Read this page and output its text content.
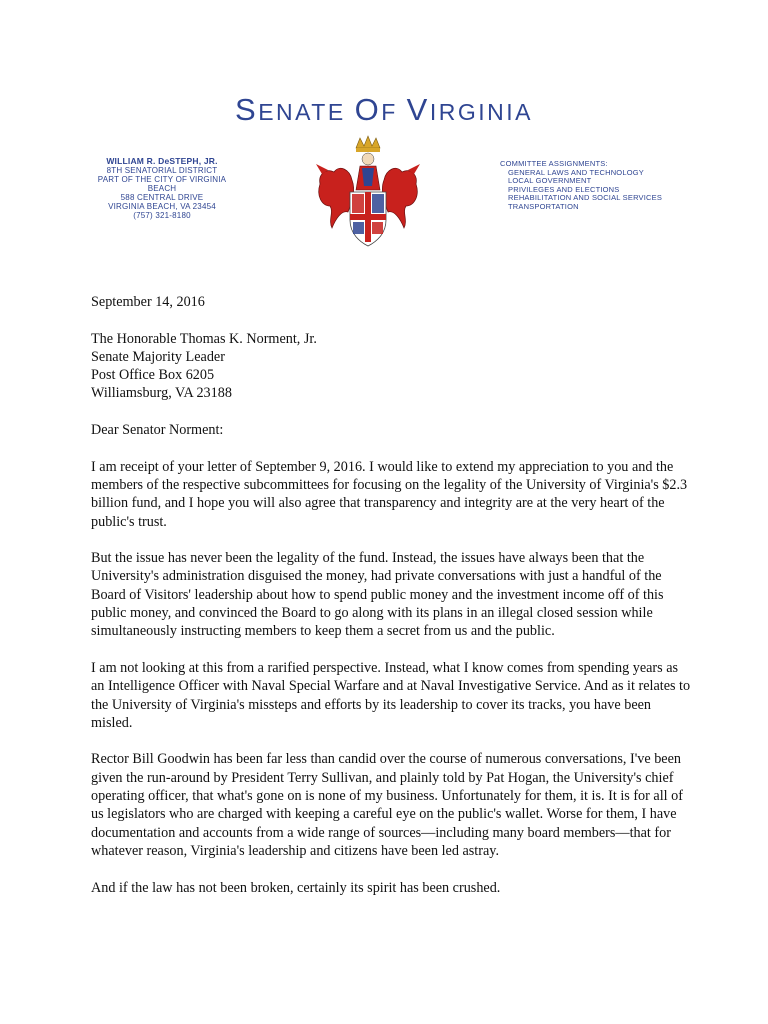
SENATE OF VIRGINIA
WILLIAM R. DeSTEPH, JR.
8TH SENATORIAL DISTRICT
PART OF THE CITY OF VIRGINIA BEACH
588 CENTRAL DRIVE
VIRGINIA BEACH, VA 23454
(757) 321-8180
COMMITTEE ASSIGNMENTS:
GENERAL LAWS AND TECHNOLOGY
LOCAL GOVERNMENT
PRIVILEGES AND ELECTIONS
REHABILITATION AND SOCIAL SERVICES
TRANSPORTATION

September 14, 2016

The Honorable Thomas K. Norment, Jr.
Senate Majority Leader
Post Office Box 6205
Williamsburg, VA 23188

Dear Senator Norment:

I am receipt of your letter of September 9, 2016. I would like to extend my appreciation to you and the members of the respective subcommittees for focusing on the legality of the University of Virginia's $2.3 billion fund, and I hope you will also agree that transparency and integrity are at the very heart of the public's trust.

But the issue has never been the legality of the fund. Instead, the issues have always been that the University's administration disguised the money, had private conversations with just a handful of the Board of Visitors' leadership about how to spend public money and the investment income off of this public money, and convinced the Board to go along with its plans in an illegal closed session while simultaneously instructing members to keep them a secret from us and the public.

I am not looking at this from a rarified perspective. Instead, what I know comes from spending years as an Intelligence Officer with Naval Special Warfare and at Naval Investigative Service. And as it relates to the University of Virginia's missteps and efforts by its leadership to cover its tracks, you have been misled.

Rector Bill Goodwin has been far less than candid over the course of numerous conversations, I've been given the run-around by President Terry Sullivan, and plainly told by Pat Hogan, the University's chief operating officer, that what's gone on is none of my business. Unfortunately for them, it is. It is for all of us legislators who are charged with keeping a careful eye on the public's wallet. Worse for them, I have documentation and accounts from a wide range of sources—including many board members—that for whatever reason, Virginia's leadership and citizens have been led astray.

And if the law has not been broken, certainly its spirit has been crushed.
